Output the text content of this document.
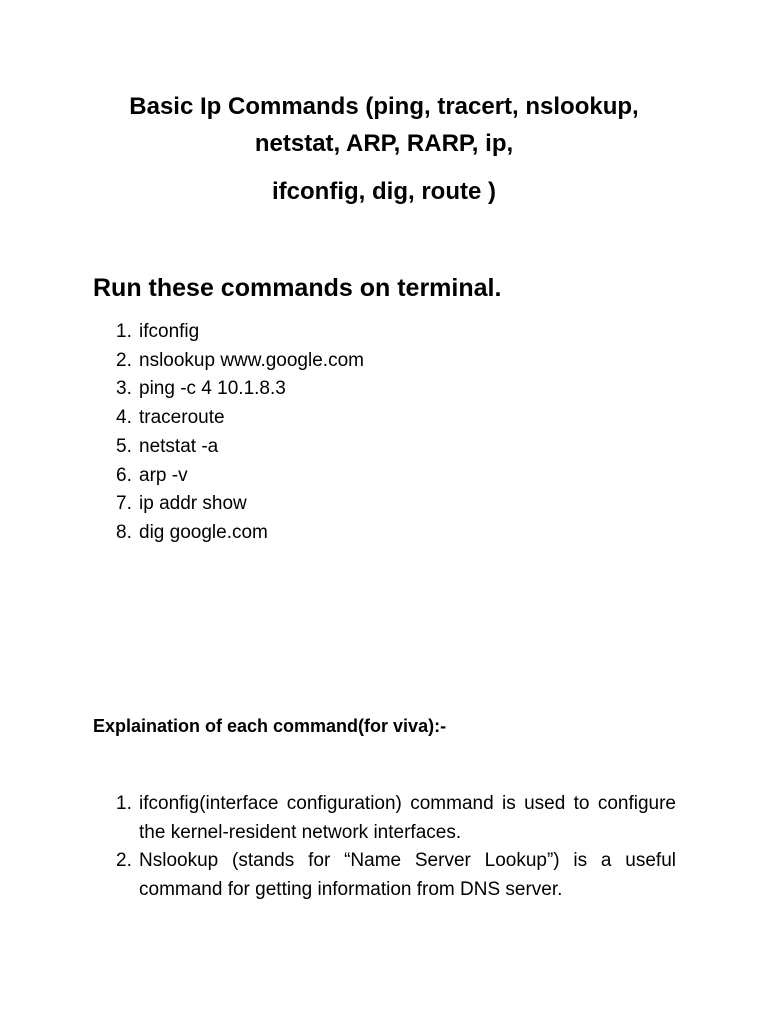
Basic Ip Commands (ping, tracert, nslookup,
netstat, ARP, RARP, ip,
ifconfig, dig, route )
Run these commands on terminal.
1. ifconfig
2. nslookup www.google.com
3. ping -c 4 10.1.8.3
4. traceroute
5. netstat -a
6. arp -v
7. ip addr show
8. dig google.com
Explaination of each command(for viva):-
1. ifconfig(interface configuration) command is used to configure the kernel-resident network interfaces.
2. Nslookup (stands for “Name Server Lookup”) is a useful command for getting information from DNS server.
